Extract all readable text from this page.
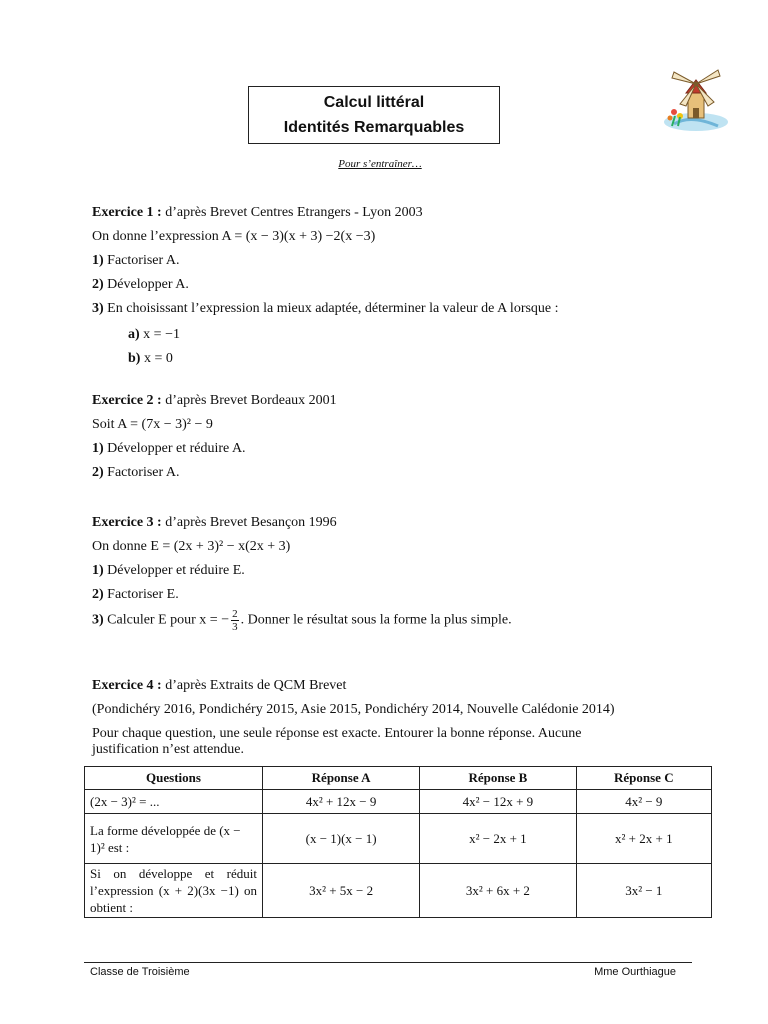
Calcul littéral
Identités Remarquables
Pour s’entraîner…
Exercice 1 : d’après Brevet Centres Etrangers - Lyon 2003
On donne l’expression A = (x − 3)(x + 3) −2(x −3)
1) Factoriser A.
2) Développer A.
3) En choisissant l’expression la mieux adaptée, déterminer la valeur de A lorsque :
a) x = −1
b) x = 0
Exercice 2 : d’après Brevet Bordeaux 2001
Soit A = (7x − 3)² − 9
1) Développer et réduire A.
2) Factoriser A.
Exercice 3 : d’après Brevet Besançon 1996
On donne E = (2x + 3)² − x(2x + 3)
1) Développer et réduire E.
2) Factoriser E.
3) Calculer E pour x = − $\frac{2}{3}$ . Donner le résultat sous la forme la plus simple.
Exercice 4 : d’après Extraits de QCM Brevet
(Pondichéry 2016, Pondichéry 2015, Asie 2015, Pondichéry 2014, Nouvelle Calédonie 2014)
Pour chaque question, une seule réponse est exacte. Entourer la bonne réponse. Aucune
justification n’est attendue.
Questions	Réponse A	Réponse B	Réponse C
(2x − 3)² = ...	4x² + 12x − 9	4x² − 12x + 9	4x² − 9
La forme développée de (x − 1)² est :	(x − 1)(x − 1)	x² − 2x + 1	x² + 2x + 1
Si on développe et réduit l’expression (x + 2)(3x −1) on obtient :	3x² + 5x − 2	3x² + 6x + 2	3x² − 1
Classe de Troisième	Mme Ourthiague
